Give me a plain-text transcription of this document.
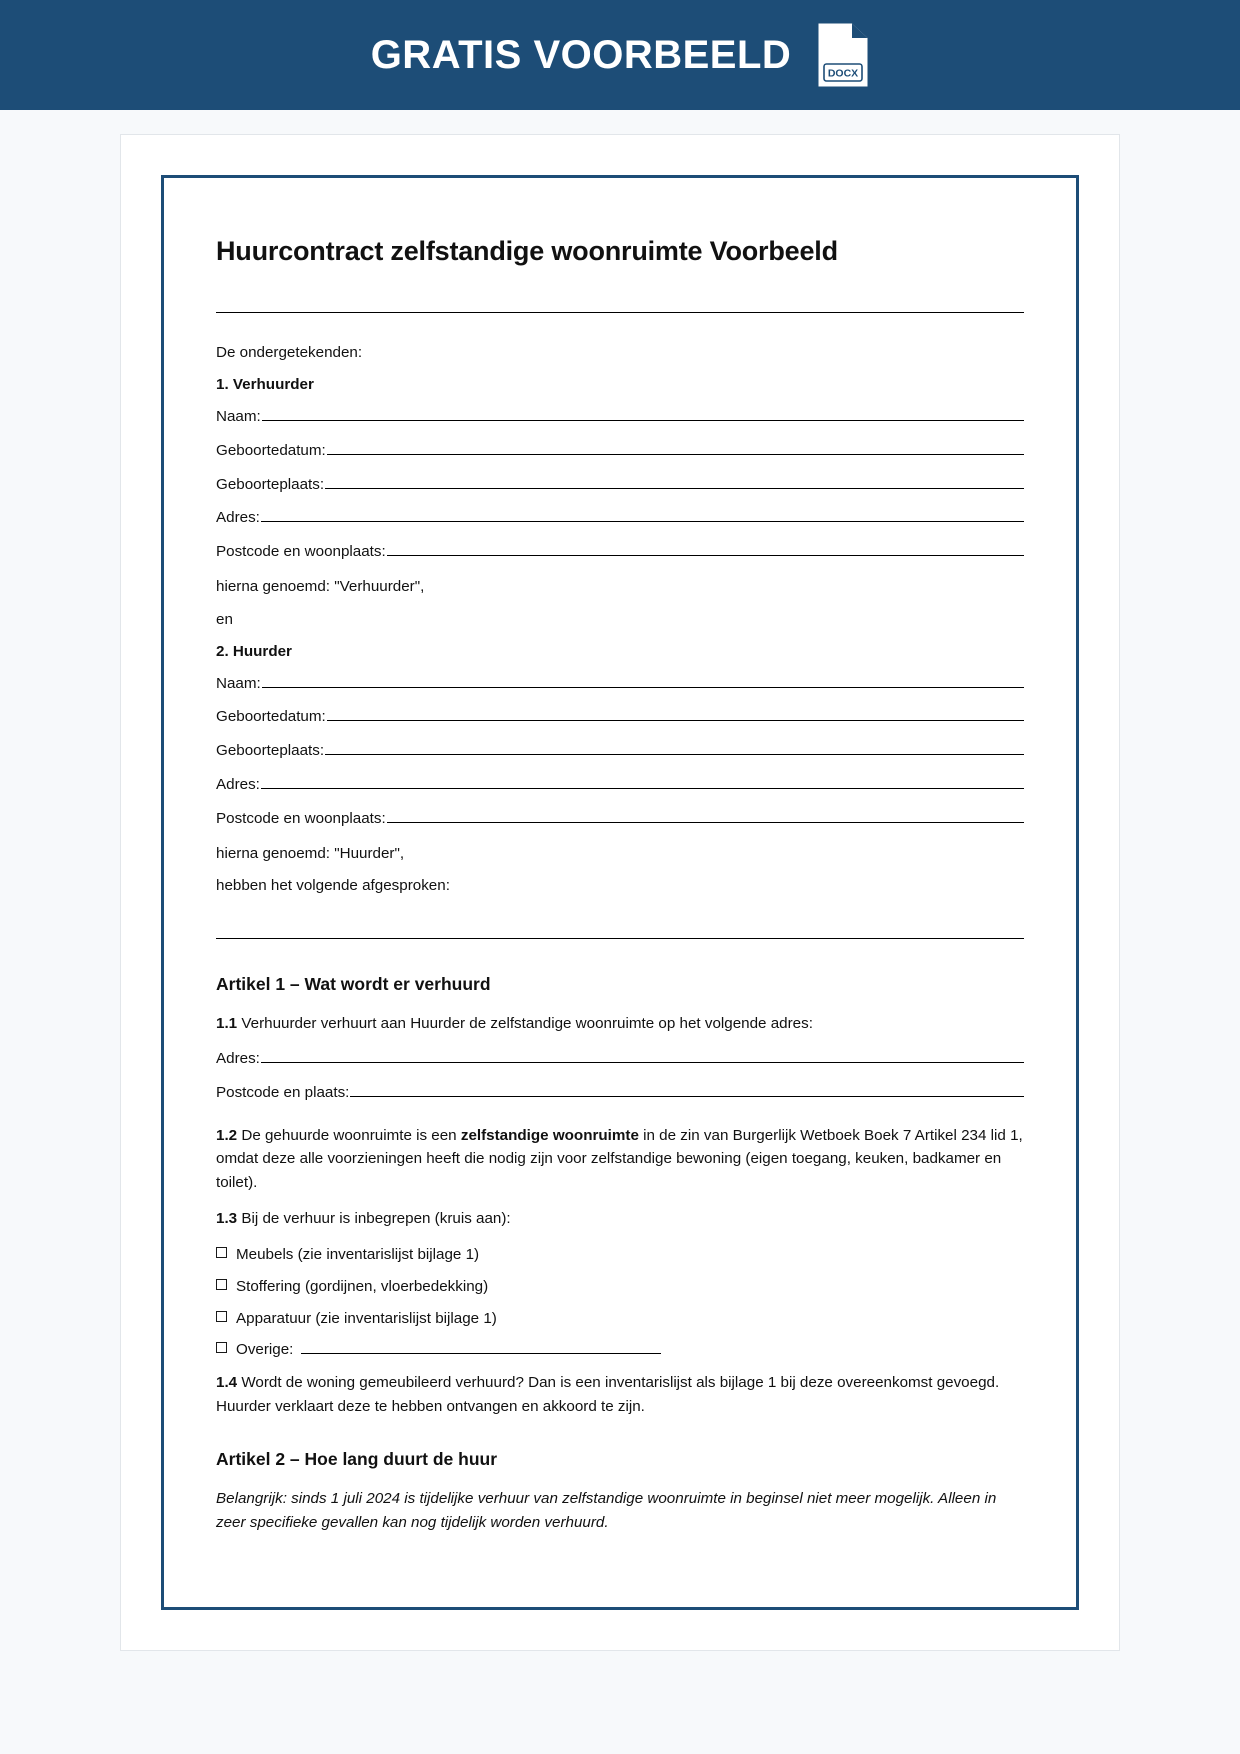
GRATIS VOORBEELD	DOCX
Huurcontract zelfstandige woonruimte Voorbeeld

De ondergetekenden:

1. Verhuurder

Naam:
Geboortedatum:
Geboorteplaats:
Adres:
Postcode en woonplaats:

hierna genoemd: "Verhuurder",

en

2. Huurder

Naam:
Geboortedatum:
Geboorteplaats:
Adres:
Postcode en woonplaats:

hierna genoemd: "Huurder",

hebben het volgende afgesproken:

Artikel 1 – Wat wordt er verhuurd

1.1 Verhuurder verhuurt aan Huurder de zelfstandige woonruimte op het volgende adres:

Adres:
Postcode en plaats:

1.2 De gehuurde woonruimte is een zelfstandige woonruimte in de zin van Burgerlijk Wetboek Boek 7 Artikel 234 lid 1, omdat deze alle voorzieningen heeft die nodig zijn voor zelfstandige bewoning (eigen toegang, keuken, badkamer en toilet).

1.3 Bij de verhuur is inbegrepen (kruis aan):

Meubels (zie inventarislijst bijlage 1)
Stoffering (gordijnen, vloerbedekking)
Apparatuur (zie inventarislijst bijlage 1)
Overige:

1.4 Wordt de woning gemeubileerd verhuurd? Dan is een inventarislijst als bijlage 1 bij deze overeenkomst gevoegd. Huurder verklaart deze te hebben ontvangen en akkoord te zijn.

Artikel 2 – Hoe lang duurt de huur

Belangrijk: sinds 1 juli 2024 is tijdelijke verhuur van zelfstandige woonruimte in beginsel niet meer mogelijk. Alleen in zeer specifieke gevallen kan nog tijdelijk worden verhuurd.
